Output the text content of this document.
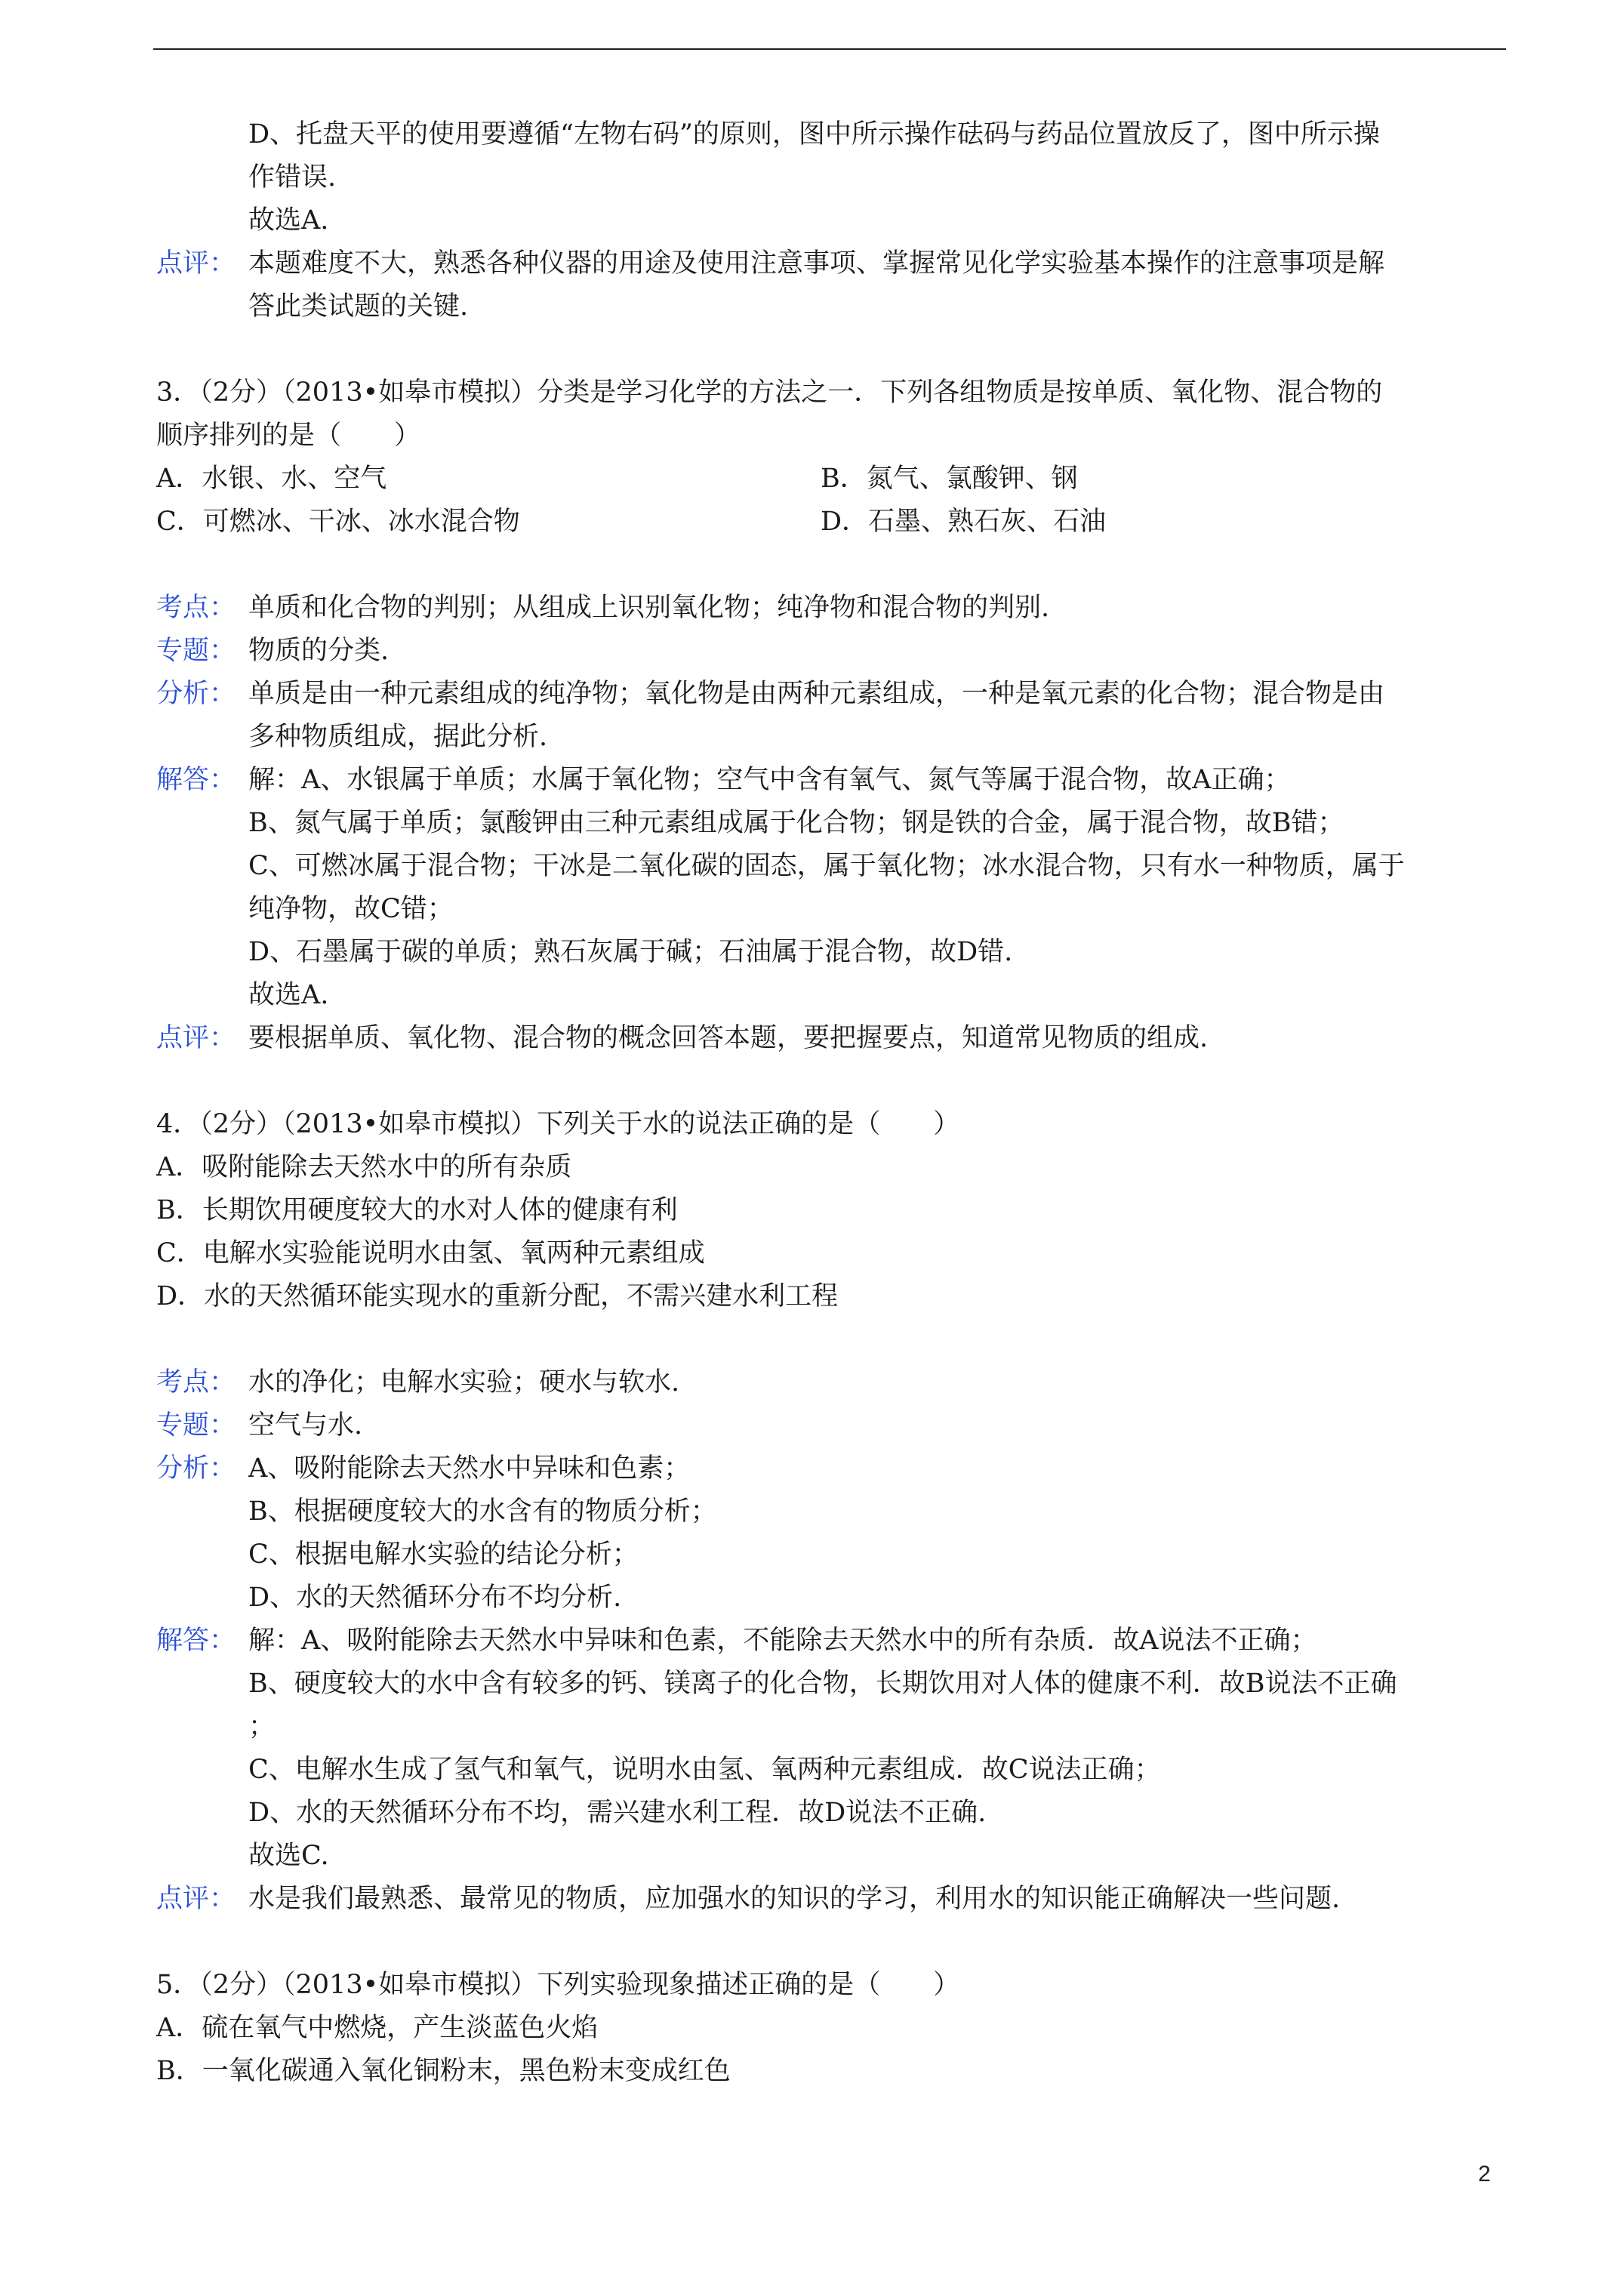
D、托盘天平的使用要遵循“左物右码”的原则，图中所示操作砝码与药品位置放反了，图中所示操
作错误.
故选A.
点评： 本题难度不大，熟悉各种仪器的用途及使用注意事项、掌握常见化学实验基本操作的注意事项是解
答此类试题的关键.
3．（2分）（2013•如皋市模拟）分类是学习化学的方法之一．下列各组物质是按单质、氧化物、混合物的
顺序排列的是（　　）
A．水银、水、空气	B．氮气、氯酸钾、钢
C．可燃冰、干冰、冰水混合物	D．石墨、熟石灰、石油
考点： 单质和化合物的判别；从组成上识别氧化物；纯净物和混合物的判别.
专题： 物质的分类.
分析： 单质是由一种元素组成的纯净物；氧化物是由两种元素组成，一种是氧元素的化合物；混合物是由
多种物质组成，据此分析.
解答： 解：A、水银属于单质；水属于氧化物；空气中含有氧气、氮气等属于混合物，故A正确；
B、氮气属于单质；氯酸钾由三种元素组成属于化合物；钢是铁的合金，属于混合物，故B错；
C、可燃冰属于混合物；干冰是二氧化碳的固态，属于氧化物；冰水混合物，只有水一种物质，属于
纯净物，故C错；
D、石墨属于碳的单质；熟石灰属于碱；石油属于混合物，故D错.
故选A.
点评： 要根据单质、氧化物、混合物的概念回答本题，要把握要点，知道常见物质的组成.
4．（2分）（2013•如皋市模拟）下列关于水的说法正确的是（　　）
A．吸附能除去天然水中的所有杂质
B．长期饮用硬度较大的水对人体的健康有利
C．电解水实验能说明水由氢、氧两种元素组成
D．水的天然循环能实现水的重新分配，不需兴建水利工程
考点： 水的净化；电解水实验；硬水与软水.
专题： 空气与水.
分析： A、吸附能除去天然水中异味和色素；
B、根据硬度较大的水含有的物质分析；
C、根据电解水实验的结论分析；
D、水的天然循环分布不均分析.
解答： 解：A、吸附能除去天然水中异味和色素，不能除去天然水中的所有杂质．故A说法不正确；
B、硬度较大的水中含有较多的钙、镁离子的化合物，长期饮用对人体的健康不利．故B说法不正确
；
C、电解水生成了氢气和氧气，说明水由氢、氧两种元素组成．故C说法正确；
D、水的天然循环分布不均，需兴建水利工程．故D说法不正确.
故选C.
点评： 水是我们最熟悉、最常见的物质，应加强水的知识的学习，利用水的知识能正确解决一些问题.
5．（2分）（2013•如皋市模拟）下列实验现象描述正确的是（　　）
A．硫在氧气中燃烧，产生淡蓝色火焰
B．一氧化碳通入氧化铜粉末，黑色粉末变成红色
2
